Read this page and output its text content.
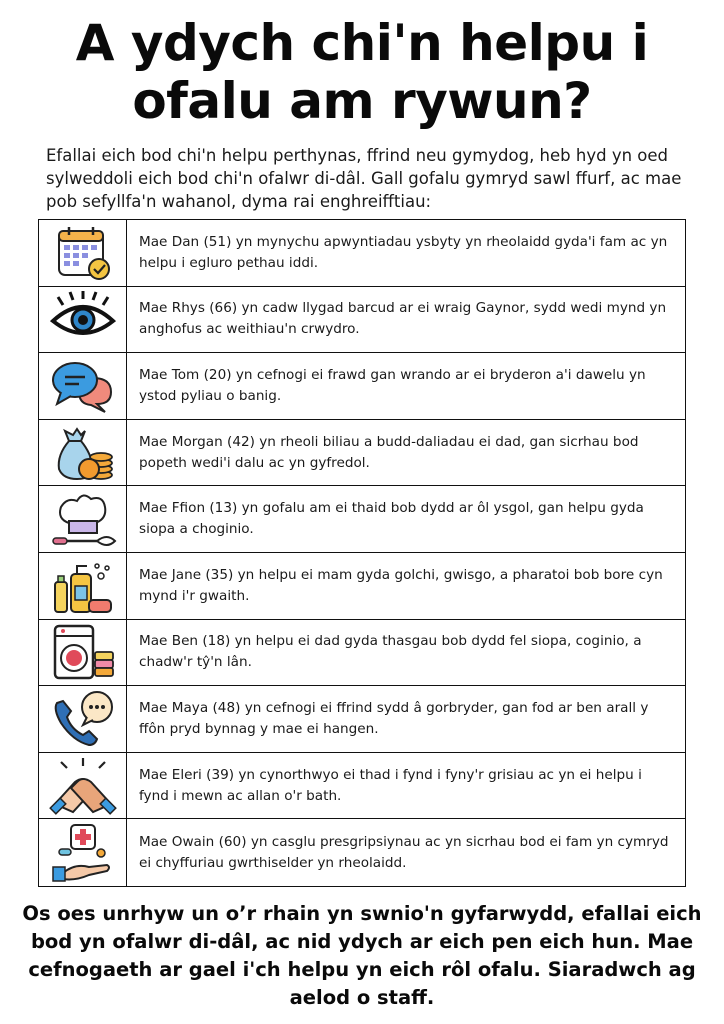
A ydych chi'n helpu i ofalu am rywun?

Efallai eich bod chi'n helpu perthynas, ffrind neu gymydog, heb hyd yn oed sylweddoli eich bod chi'n ofalwr di-dâl. Gall gofalu gymryd sawl ffurf, ac mae pob sefyllfa'n wahanol, dyma rai enghreifftiau:

Mae Dan (51) yn mynychu apwyntiadau ysbyty yn rheolaidd gyda'i fam ac yn helpu i egluro pethau iddi.
Mae Rhys (66) yn cadw llygad barcud ar ei wraig Gaynor, sydd wedi mynd yn anghofus ac weithiau'n crwydro.
Mae Tom (20) yn cefnogi ei frawd gan wrando ar ei bryderon a'i dawelu yn ystod pyliau o banig.
Mae Morgan (42) yn rheoli biliau a budd-daliadau ei dad, gan sicrhau bod popeth wedi'i dalu ac yn gyfredol.
Mae Ffion (13) yn gofalu am ei thaid bob dydd ar ôl ysgol, gan helpu gyda siopa a choginio.
Mae Jane (35) yn helpu ei mam gyda golchi, gwisgo, a pharatoi bob bore cyn mynd i'r gwaith.
Mae Ben (18) yn helpu ei dad gyda thasgau bob dydd fel siopa, coginio, a chadw'r tŷ'n lân.
Mae Maya (48) yn cefnogi ei ffrind sydd â gorbryder, gan fod ar ben arall y ffôn pryd bynnag y mae ei hangen.
Mae Eleri (39) yn cynorthwyo ei thad i fynd i fyny'r grisiau ac yn ei helpu i fynd i mewn ac allan o'r bath.
Mae Owain (60) yn casglu presgripsiynau ac yn sicrhau bod ei fam yn cymryd ei chyffuriau gwrthiselder yn rheolaidd.

Os oes unrhyw un o’r rhain yn swnio'n gyfarwydd, efallai eich bod yn ofalwr di-dâl, ac nid ydych ar eich pen eich hun. Mae cefnogaeth ar gael i'ch helpu yn eich rôl ofalu. Siaradwch ag aelod o staff.
